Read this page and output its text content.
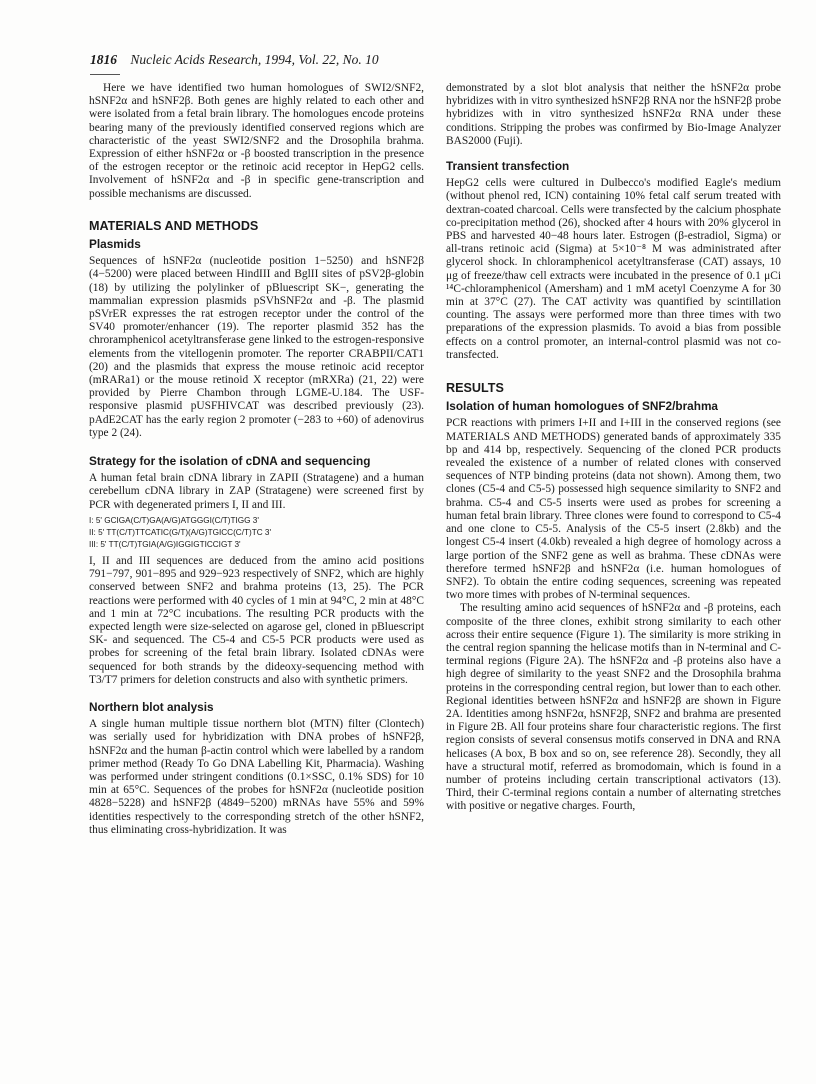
1816 Nucleic Acids Research, 1994, Vol. 22, No. 10

Here we have identified two human homologues of SWI2/SNF2, hSNF2α and hSNF2β. Both genes are highly related to each other and were isolated from a fetal brain library. The homologues encode proteins bearing many of the previously identified conserved regions which are characteristic of the yeast SWI2/SNF2 and the Drosophila brahma. Expression of either hSNF2α or -β boosted transcription in the presence of the estrogen receptor or the retinoic acid receptor in HepG2 cells. Involvement of hSNF2α and -β in specific gene-transcription and possible mechanisms are discussed.

MATERIALS AND METHODS
Plasmids

Sequences of hSNF2α (nucleotide position 1−5250) and hSNF2β (4−5200) were placed between HindIII and BglII sites of pSV2β-globin (18) by utilizing the polylinker of pBluescript SK−, generating the mammalian expression plasmids pSVhSNF2α and -β. The plasmid pSVrER expresses the rat estrogen receptor under the control of the SV40 promoter/enhancer (19). The reporter plasmid 352 has the chroramphenicol acetyltransferase gene linked to the estrogen-responsive elements from the vitellogenin promoter. The reporter CRABPII/CAT1 (20) and the plasmids that express the mouse retinoic acid receptor (mRARa1) or the mouse retinoid X receptor (mRXRa) (21, 22) were provided by Pierre Chambon through LGME-U.184. The USF-responsive plasmid pUSFHIVCAT was described previously (23). pAdE2CAT has the early region 2 promoter (−283 to +60) of adenovirus type 2 (24).

Strategy for the isolation of cDNA and sequencing

A human fetal brain cDNA library in ZAPII (Stratagene) and a human cerebellum cDNA library in ZAP (Stratagene) were screened first by PCR with degenerated primers I, II and III.

I: 5' GCIGA(C/T)GA(A/G)ATGGGI(C/T)TIGG 3'
II: 5' TT(C/T)TTCATIC(G/T)(A/G)TGICC(C/T)TC 3'
III: 5' TT(C/T)TGIA(A/G)IGGIGTICCIGT 3'

I, II and III sequences are deduced from the amino acid positions 791−797, 901−895 and 929−923 respectively of SNF2, which are highly conserved between SNF2 and brahma proteins (13, 25). The PCR reactions were performed with 40 cycles of 1 min at 94°C, 2 min at 48°C and 1 min at 72°C incubations. The resulting PCR products with the expected length were size-selected on agarose gel, cloned in pBluescript SK- and sequenced. The C5-4 and C5-5 PCR products were used as probes for screening of the fetal brain library. Isolated cDNAs were sequenced for both strands by the dideoxy-sequencing method with T3/T7 primers for deletion constructs and also with synthetic primers.

Northern blot analysis

A single human multiple tissue northern blot (MTN) filter (Clontech) was serially used for hybridization with DNA probes of hSNF2β, hSNF2α and the human β-actin control which were labelled by a random primer method (Ready To Go DNA Labelling Kit, Pharmacia). Washing was performed under stringent conditions (0.1×SSC, 0.1% SDS) for 10 min at 65°C. Sequences of the probes for hSNF2α (nucleotide position 4828−5228) and hSNF2β (4849−5200) mRNAs have 55% and 59% identities respectively to the corresponding stretch of the other hSNF2, thus eliminating cross-hybridization. It was

demonstrated by a slot blot analysis that neither the hSNF2α probe hybridizes with in vitro synthesized hSNF2β RNA nor the hSNF2β probe hybridizes with in vitro synthesized hSNF2α RNA under these conditions. Stripping the probes was confirmed by Bio-Image Analyzer BAS2000 (Fuji).

Transient transfection

HepG2 cells were cultured in Dulbecco's modified Eagle's medium (without phenol red, ICN) containing 10% fetal calf serum treated with dextran-coated charcoal. Cells were transfected by the calcium phosphate co-precipitation method (26), shocked after 4 hours with 20% glycerol in PBS and harvested 40−48 hours later. Estrogen (β-estradiol, Sigma) or all-trans retinoic acid (Sigma) at 5×10⁻⁸ M was administrated after glycerol shock. In chloramphenicol acetyltransferase (CAT) assays, 10 μg of freeze/thaw cell extracts were incubated in the presence of 0.1 μCi ¹⁴C-chloramphenicol (Amersham) and 1 mM acetyl Coenzyme A for 30 min at 37°C (27). The CAT activity was quantified by scintillation counting. The assays were performed more than three times with two preparations of the expression plasmids. To avoid a bias from possible effects on a control promoter, an internal-control plasmid was not co-transfected.

RESULTS
Isolation of human homologues of SNF2/brahma

PCR reactions with primers I+II and I+III in the conserved regions (see MATERIALS AND METHODS) generated bands of approximately 335 bp and 414 bp, respectively. Sequencing of the cloned PCR products revealed the existence of a number of related clones with conserved sequences of NTP binding proteins (data not shown). Among them, two clones (C5-4 and C5-5) possessed high sequence similarity to SNF2 and brahma. C5-4 and C5-5 inserts were used as probes for screening a human fetal brain library. Three clones were found to correspond to C5-4 and one clone to C5-5. Analysis of the C5-5 insert (2.8kb) and the longest C5-4 insert (4.0kb) revealed a high degree of homology across a large portion of the SNF2 gene as well as brahma. These cDNAs were therefore termed hSNF2β and hSNF2α (i.e. human homologues of SNF2). To obtain the entire coding sequences, screening was repeated two more times with probes of N-terminal sequences.

The resulting amino acid sequences of hSNF2α and -β proteins, each composite of the three clones, exhibit strong similarity to each other across their entire sequence (Figure 1). The similarity is more striking in the central region spanning the helicase motifs than in N-terminal and C-terminal regions (Figure 2A). The hSNF2α and -β proteins also have a high degree of similarity to the yeast SNF2 and the Drosophila brahma proteins in the corresponding central region, but lower than to each other. Regional identities between hSNF2α and hSNF2β are shown in Figure 2A. Identities among hSNF2α, hSNF2β, SNF2 and brahma are presented in Figure 2B. All four proteins share four characteristic regions. The first region consists of several consensus motifs conserved in DNA and RNA helicases (A box, B box and so on, see reference 28). Secondly, they all have a structural motif, referred as bromodomain, which is found in a number of proteins including certain transcriptional activators (13). Third, their C-terminal regions contain a number of alternating stretches with positive or negative charges. Fourth,
